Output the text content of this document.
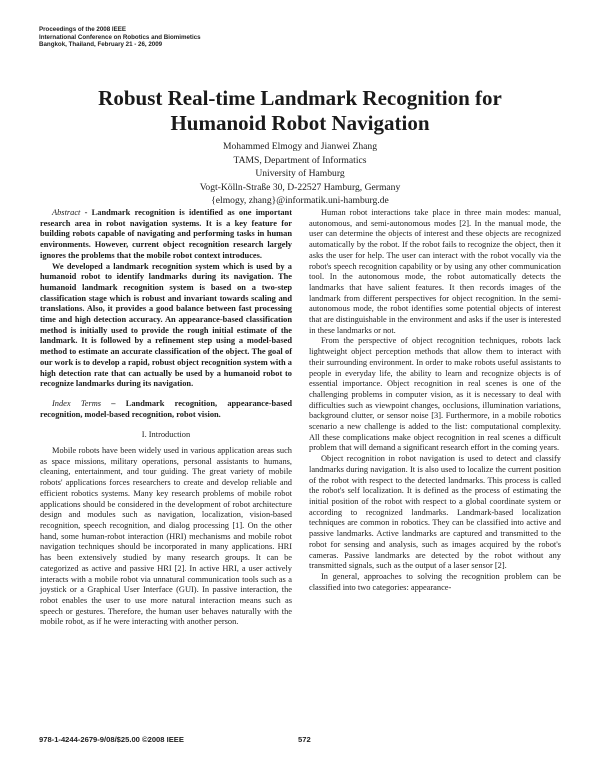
Proceedings of the 2008 IEEE
International Conference on Robotics and Biomimetics
Bangkok, Thailand, February 21 - 26, 2009
Robust Real-time Landmark Recognition for
Humanoid Robot Navigation
Mohammed Elmogy and Jianwei Zhang
TAMS, Department of Informatics
University of Hamburg
Vogt-Kölln-Straße 30, D-22527 Hamburg, Germany
{elmogy, zhang}@informatik.uni-hamburg.de

Abstract - Landmark recognition is identified as one important research area in robot navigation systems. It is a key feature for building robots capable of navigating and performing tasks in human environments. However, current object recognition research largely ignores the problems that the mobile robot context introduces.

We developed a landmark recognition system which is used by a humanoid robot to identify landmarks during its navigation. The humanoid landmark recognition system is based on a two-step classification stage which is robust and invariant towards scaling and translations. Also, it provides a good balance between fast processing time and high detection accuracy. An appearance-based classification method is initially used to provide the rough initial estimate of the landmark. It is followed by a refinement step using a model-based method to estimate an accurate classification of the object. The goal of our work is to develop a rapid, robust object recognition system with a high detection rate that can actually be used by a humanoid robot to recognize landmarks during its navigation.

Index Terms – Landmark recognition, appearance-based recognition, model-based recognition, robot vision.

I. Introduction

Mobile robots have been widely used in various application areas such as space missions, military operations, personal assistants to humans, cleaning, entertainment, and tour guiding. The great variety of mobile robots' applications forces researchers to create and develop reliable and efficient robotics systems. Many key research problems of mobile robot applications should be considered in the development of robot architecture design and modules such as navigation, localization, vision-based recognition, speech recognition, and dialog processing [1]. On the other hand, some human-robot interaction (HRI) mechanisms and mobile robot navigation techniques should be incorporated in many applications. HRI has been extensively studied by many research groups. It can be categorized as active and passive HRI [2]. In active HRI, a user actively interacts with a mobile robot via unnatural communication tools such as a joystick or a Graphical User Interface (GUI). In passive interaction, the robot enables the user to use more natural interaction means such as speech or gestures. Therefore, the human user behaves naturally with the mobile robot, as if he were interacting with another person.

Human robot interactions take place in three main modes: manual, autonomous, and semi-autonomous modes [2]. In the manual mode, the user can determine the objects of interest and these objects are recognized automatically by the robot. If the robot fails to recognize the object, then it asks the user for help. The user can interact with the robot vocally via the robot's speech recognition capability or by using any other communication tool. In the autonomous mode, the robot automatically detects the landmarks that have salient features. It then records images of the landmark from different perspectives for object recognition. In the semi-autonomous mode, the robot identifies some potential objects of interest that are distinguishable in the environment and asks if the user is interested in these landmarks or not.

From the perspective of object recognition techniques, robots lack lightweight object perception methods that allow them to interact with their surrounding environment. In order to make robots useful assistants to people in everyday life, the ability to learn and recognize objects is of essential importance. Object recognition in real scenes is one of the challenging problems in computer vision, as it is necessary to deal with difficulties such as viewpoint changes, occlusions, illumination variations, background clutter, or sensor noise [3]. Furthermore, in a mobile robotics scenario a new challenge is added to the list: computational complexity. All these complications make object recognition in real scenes a difficult problem that will demand a significant research effort in the coming years.

Object recognition in robot navigation is used to detect and classify landmarks during navigation. It is also used to localize the current position of the robot with respect to the detected landmarks. This process is called the robot's self localization. It is defined as the process of estimating the initial position of the robot with respect to a global coordinate system or according to recognized landmarks. Landmark-based localization techniques are common in robotics. They can be classified into active and passive landmarks. Active landmarks are captured and transmitted to the robot for sensing and analysis, such as images acquired by the robot's cameras. Passive landmarks are detected by the robot without any transmitted signals, such as the output of a laser sensor [2].

In general, approaches to solving the recognition problem can be classified into two categories: appearance-

978-1-4244-2679-9/08/$25.00 ©2008 IEEE	572
